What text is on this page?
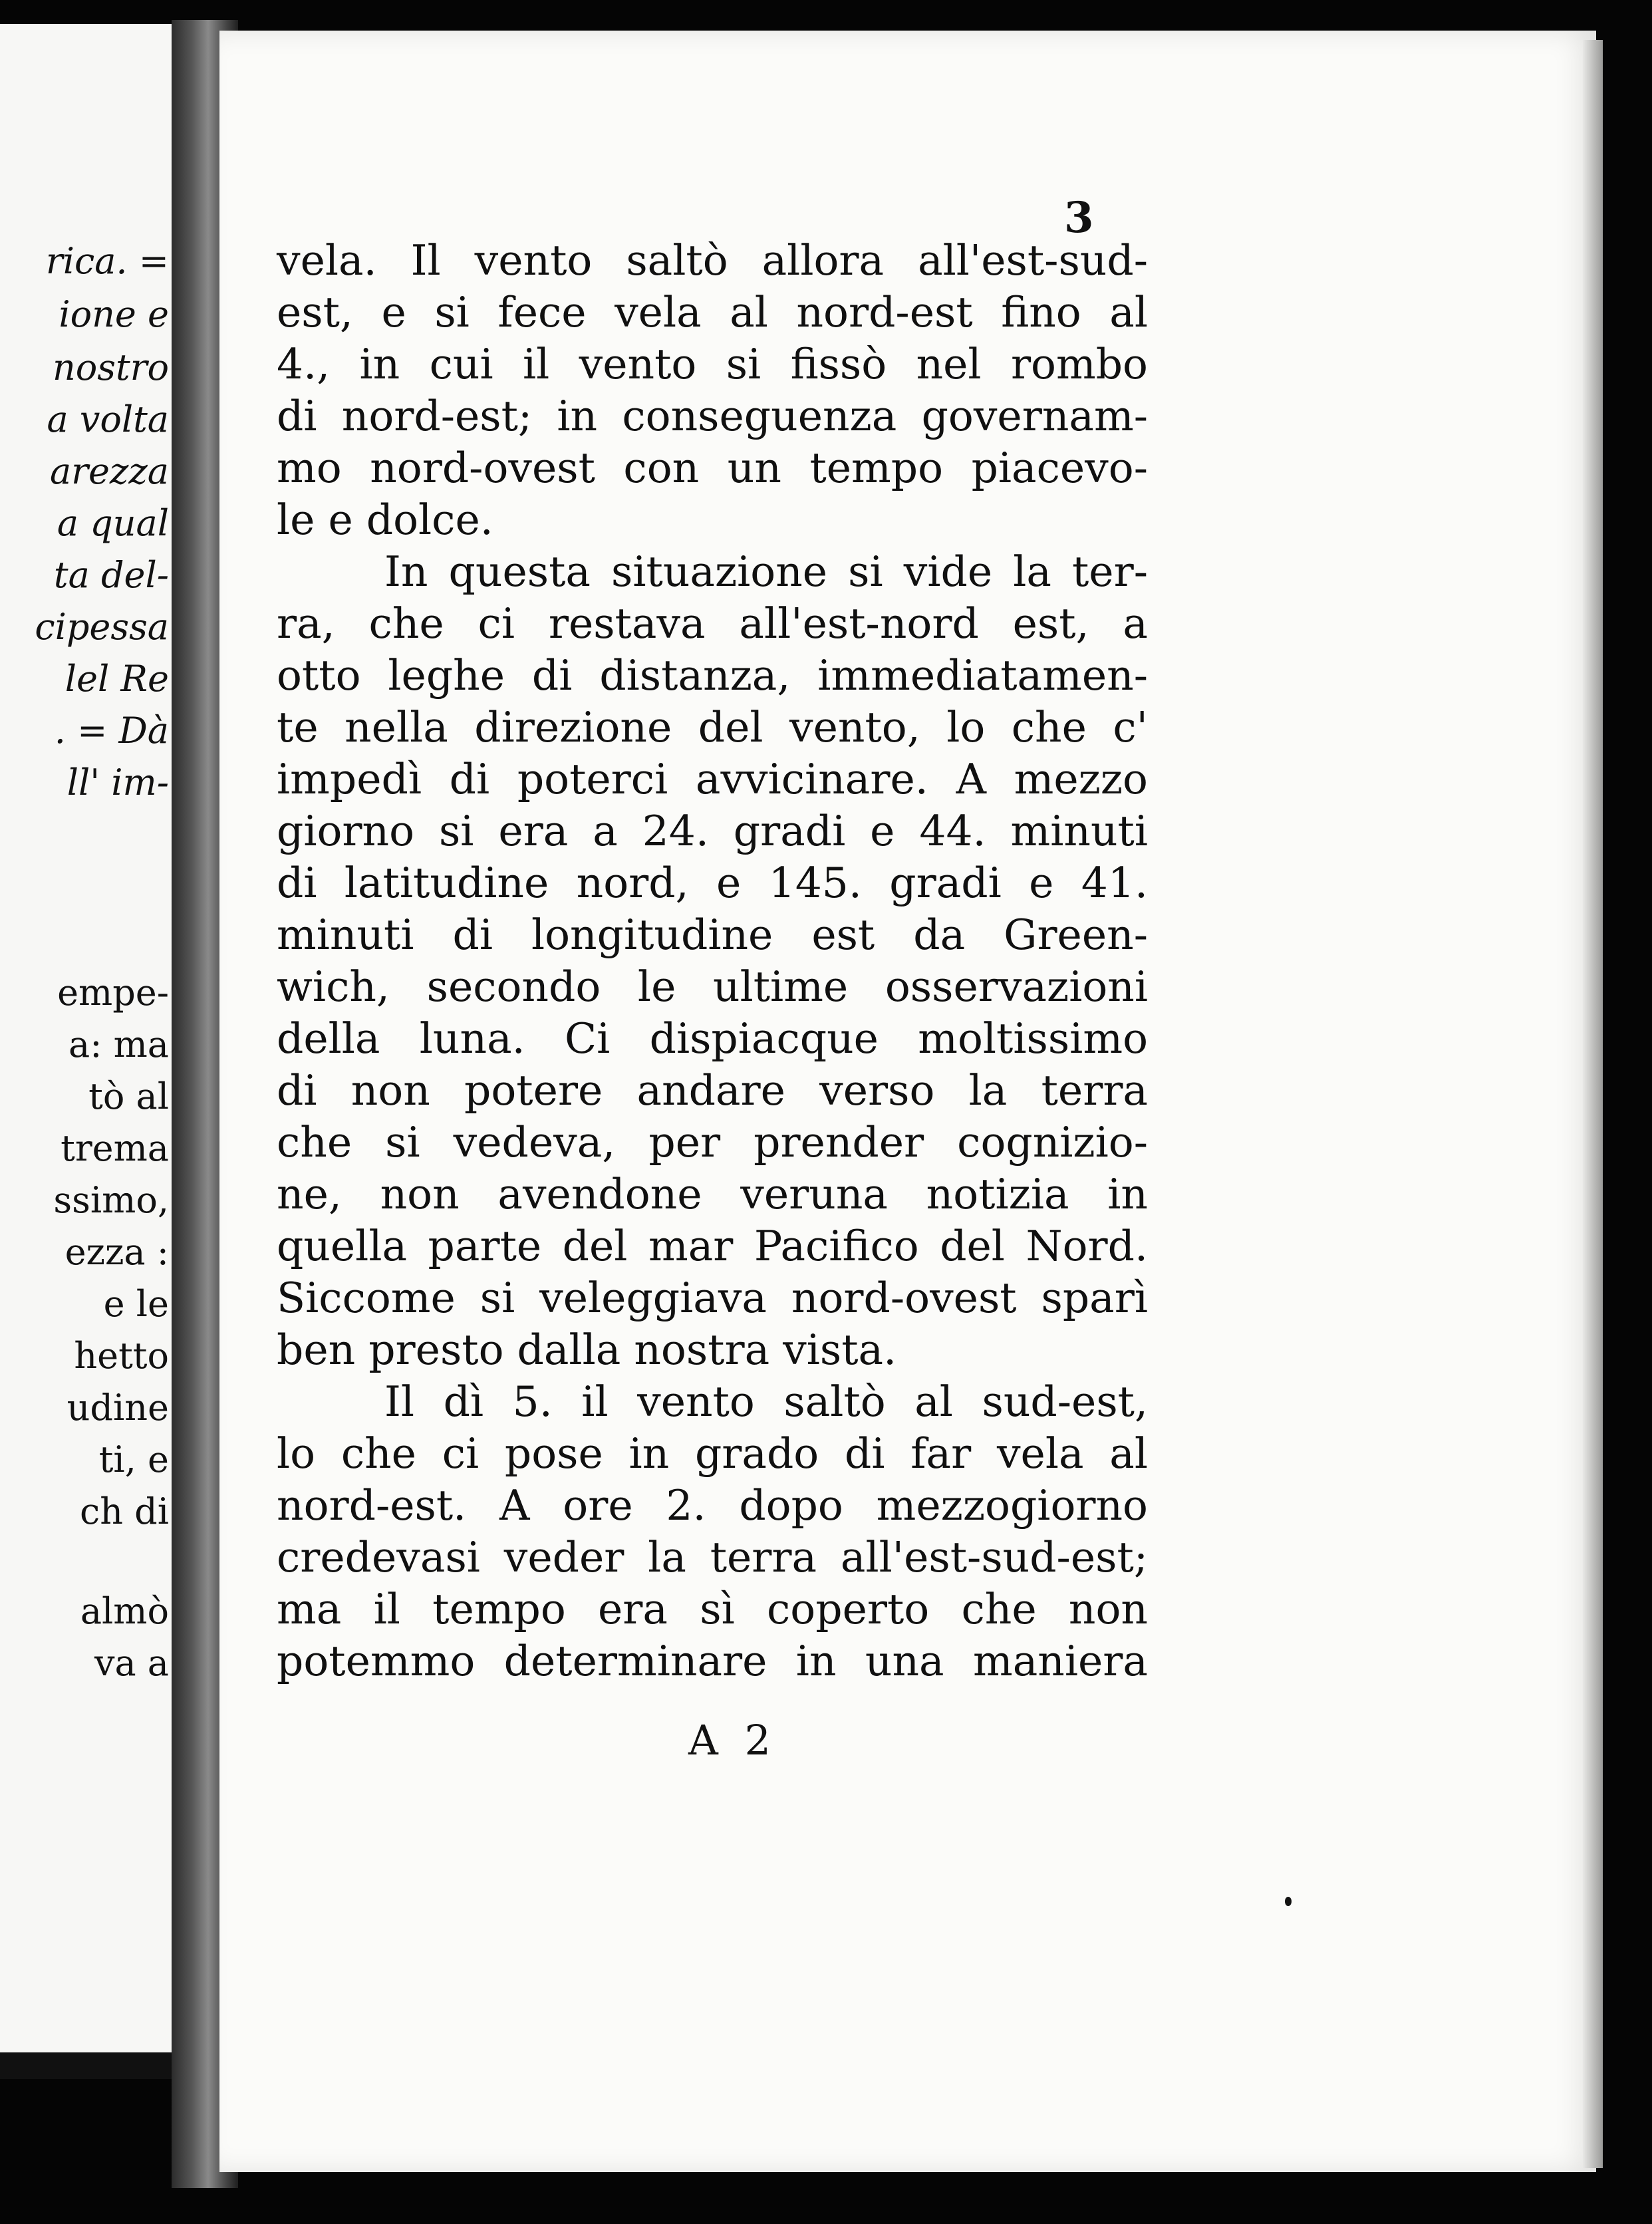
rica. =
ione e
nostro
a volta
arezza
a qual
ta del-
cipessa
lel Re
. = Dà
ll' im-
empe-
a: ma
tò al
trema
ssimo,
ezza :
e le
hetto
udine
ti, e
ch di
almò
va a
3
vela. Il vento saltò allora all'est-sud-
est, e si fece vela al nord-est fino al
4., in cui il vento si fissò nel rombo
di nord-est; in conseguenza governam-
mo nord-ovest con un tempo piacevo-
le e dolce.
In questa situazione si vide la ter-
ra, che ci restava all'est-nord est, a
otto leghe di distanza, immediatamen-
te nella direzione del vento, lo che c'
impedì di poterci avvicinare. A mezzo
giorno si era a 24. gradi e 44. minuti
di latitudine nord, e 145. gradi e 41.
minuti di longitudine est da Green-
wich, secondo le ultime osservazioni
della luna. Ci dispiacque moltissimo
di non potere andare verso la terra
che si vedeva, per prender cognizio-
ne, non avendone veruna notizia in
quella parte del mar Pacifico del Nord.
Siccome si veleggiava nord-ovest sparì
ben presto dalla nostra vista.
Il dì 5. il vento saltò al sud-est,
lo che ci pose in grado di far vela al
nord-est. A ore 2. dopo mezzogiorno
credevasi veder la terra all'est-sud-est;
ma il tempo era sì coperto che non
potemmo determinare in una maniera
A 2
